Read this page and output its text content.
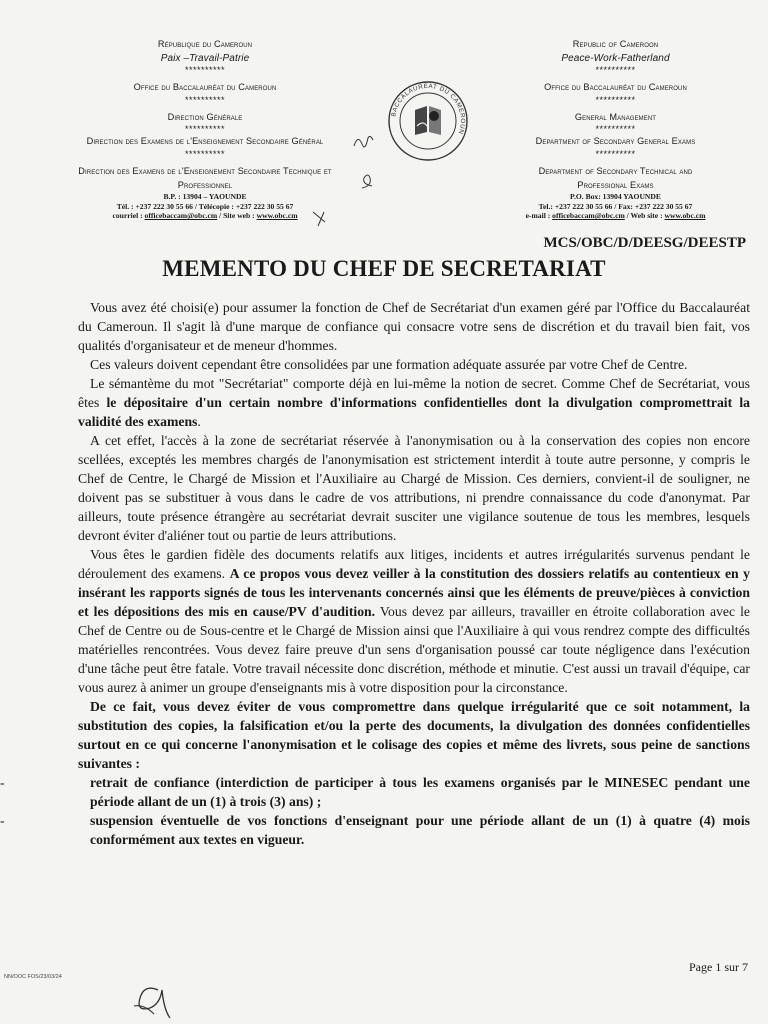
République du Cameroun
Paix –Travail-Patrie
**********
Office du Baccalauréat du Cameroun
**********
Direction Générale
**********
Direction des Examens de l'Enseignement Secondaire Général
**********
Direction des Examens de l'Enseignement Secondaire Technique et
Professionnel
B.P. : 13904 – YAOUNDE
Tél. : +237 222 30 55 66 / Télécopie : +237 222 30 55 67
courriel : officebaccam@obc.cm / Site web : www.obc.cm
BACCALAURÉAT DU CAMEROUN
Republic of Cameroon
Peace-Work-Fatherland
**********
Office du Baccalauréat du Cameroun
**********
General Management
**********
Department of Secondary General Exams
**********
Department of Secondary Technical and
Professional Exams
P.O. Box: 13904 YAOUNDE
Tel.: +237 222 30 55 66 / Fax: +237 222 30 55 67
e-mail : officebaccam@obc.cm / Web site : www.obc.cm
MCS/OBC/D/DEESG/DEESTP
MEMENTO DU CHEF DE SECRETARIAT

Vous avez été choisi(e) pour assumer la fonction de Chef de Secrétariat d'un examen géré par l'Office du Baccalauréat du Cameroun. Il s'agit là d'une marque de confiance qui consacre votre sens de discrétion et du travail bien fait, vos qualités d'organisateur et de meneur d'hommes.

Ces valeurs doivent cependant être consolidées par une formation adéquate assurée par votre Chef de Centre.

Le sémantème du mot "Secrétariat" comporte déjà en lui-même la notion de secret. Comme Chef de Secrétariat, vous êtes le dépositaire d'un certain nombre d'informations confidentielles dont la divulgation compromettrait la validité des examens.

A cet effet, l'accès à la zone de secrétariat réservée à l'anonymisation ou à la conservation des copies non encore scellées, exceptés les membres chargés de l'anonymisation est strictement interdit à toute autre personne, y compris le Chef de Centre, le Chargé de Mission et l'Auxiliaire au Chargé de Mission. Ces derniers, convient-il de souligner, ne doivent pas se substituer à vous dans le cadre de vos attributions, ni prendre connaissance du code d'anonymat. Par ailleurs, toute présence étrangère au secrétariat devrait susciter une vigilance soutenue de tous les membres, lesquels devront éviter d'aliéner tout ou partie de leurs attributions.

Vous êtes le gardien fidèle des documents relatifs aux litiges, incidents et autres irrégularités survenus pendant le déroulement des examens. A ce propos vous devez veiller à la constitution des dossiers relatifs au contentieux en y insérant les rapports signés de tous les intervenants concernés ainsi que les éléments de preuve/pièces à conviction et les dépositions des mis en cause/PV d'audition. Vous devez par ailleurs, travailler en étroite collaboration avec le Chef de Centre ou de Sous-centre et le Chargé de Mission ainsi que l'Auxiliaire à qui vous rendrez compte des difficultés matérielles rencontrées. Vous devez faire preuve d'un sens d'organisation poussé car toute négligence dans l'exécution d'une tâche peut être fatale. Votre travail nécessite donc discrétion, méthode et minutie. C'est aussi un travail d'équipe, car vous aurez à animer un groupe d'enseignants mis à votre disposition pour la circonstance.

De ce fait, vous devez éviter de vous compromettre dans quelque irrégularité que ce soit notamment, la substitution des copies, la falsification et/ou la perte des documents, la divulgation des données confidentielles surtout en ce qui concerne l'anonymisation et le colisage des copies et même des livrets, sous peine de sanctions suivantes :

- retrait de confiance (interdiction de participer à tous les examens organisés par le MINESEC pendant une période allant de un (1) à trois (3) ans) ;
- suspension éventuelle de vos fonctions d'enseignant pour une période allant de un (1) à quatre (4) mois conformément aux textes en vigueur.
NN/OOC FOS/23/03/24
Page 1 sur 7
